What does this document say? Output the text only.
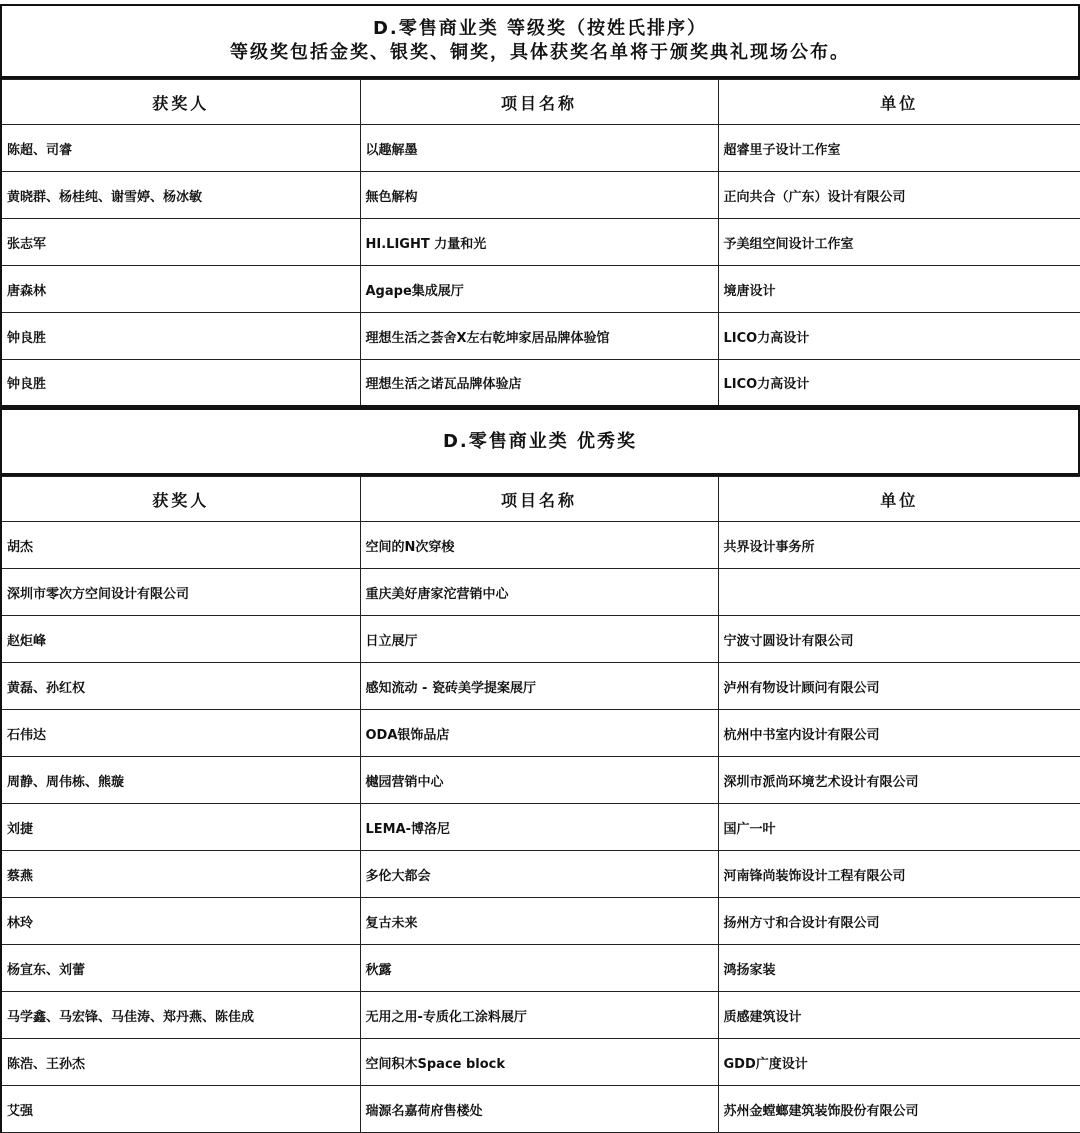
D.零售商业类 等级奖（按姓氏排序）
等级奖包括金奖、银奖、铜奖，具体获奖名单将于颁奖典礼现场公布。
获奖人	项目名称	单位
陈超、司睿	以趣解墨	超睿里子设计工作室
黄晓群、杨桂纯、谢雪婷、杨冰敏	無色解构	正向共合（广东）设计有限公司
张志军	HI.LIGHT 力量和光	予美组空间设计工作室
唐森林	Agape集成展厅	境唐设计
钟良胜	理想生活之荟舍X左右乾坤家居品牌体验馆	LICO力高设计
钟良胜	理想生活之诺瓦品牌体验店	LICO力高设计
D.零售商业类 优秀奖
获奖人	项目名称	单位
胡杰	空间的N次穿梭	共界设计事务所
深圳市零次方空间设计有限公司	重庆美好唐家沱营销中心	
赵炬峰	日立展厅	宁波寸圆设计有限公司
黄磊、孙红权	感知流动 - 瓷砖美学提案展厅	泸州有物设计顾问有限公司
石伟达	ODA银饰品店	杭州中书室内设计有限公司
周静、周伟栋、熊璇	樾园营销中心	深圳市派尚环境艺术设计有限公司
刘捷	LEMA-博洛尼	国广一叶
蔡燕	多伦大都会	河南锋尚装饰设计工程有限公司
林玲	复古未来	扬州方寸和合设计有限公司
杨宣东、刘蕾	秋露	鸿扬家装
马学鑫、马宏锋、马佳涛、郑丹燕、陈佳成	无用之用-专质化工涂料展厅	质感建筑设计
陈浩、王孙杰	空间积木Space block	GDD广度设计
艾强	瑞源名嘉荷府售楼处	苏州金螳螂建筑装饰股份有限公司
